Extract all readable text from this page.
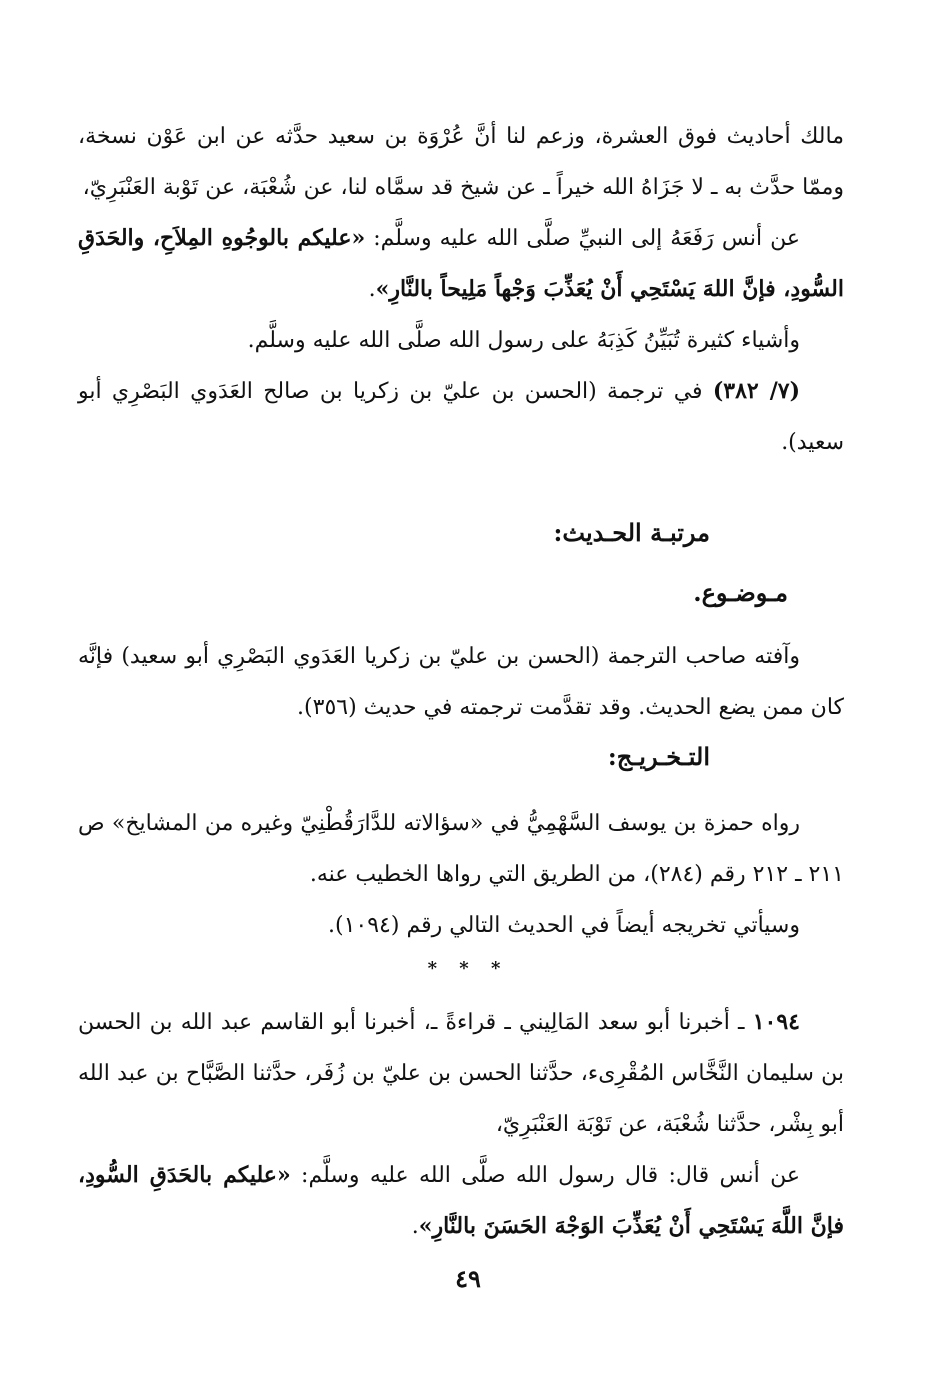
مالك أحاديث فوق العشرة، وزعم لنا أنَّ عُرْوَة بن سعيد حدَّثه عن ابن عَوْن نسخة، وممّا حدَّث به ـ لا جَزَاهُ الله خيراً ـ عن شيخ قد سمَّاه لنا، عن شُعْبَة، عن تَوْبة العَنْبَرِيّ،

عن أنس رَفَعَهُ إلى النبيِّ صلَّى الله عليه وسلَّم: «عليكم بالوجُوهِ المِلاَحِ، والحَدَقِ السُّودِ، فإنَّ اللهَ يَسْتَحِي أَنْ يُعَذِّبَ وَجْهاً مَلِيحاً بالنَّارِ».

وأشياء كثيرة تُبَيِّنُ كَذِبَهُ على رسول الله صلَّى الله عليه وسلَّم.

(٧/ ٣٨٢) في ترجمة (الحسن بن عليّ بن زكريا بن صالح العَدَوي البَصْرِي أبو سعيد).

مرتبـة الحـديث:
مـوضـوع.

وآفته صاحب الترجمة (الحسن بن عليّ بن زكريا العَدَوي البَصْرِي أبو سعيد) فإنَّه كان ممن يضع الحديث. وقد تقدَّمت ترجمته في حديث (٣٥٦).

التـخـريـج:

رواه حمزة بن يوسف السَّهْمِيُّ في «سؤالاته للدَّارَقُطْنِيّ وغيره من المشايخ» ص ٢١١ ـ ٢١٢ رقم (٢٨٤)، من الطريق التي رواها الخطيب عنه.

وسيأتي تخريجه أيضاً في الحديث التالي رقم (١٠٩٤).

* * *

١٠٩٤ ـ أخبرنا أبو سعد المَالِيني ـ قراءةً ـ، أخبرنا أبو القاسم عبد الله بن الحسن بن سليمان النَّخَّاس المُقْرِىء، حدَّثنا الحسن بن عليّ بن زُفَر، حدَّثنا الصَّبَّاح بن عبد الله أبو بِشْر، حدَّثنا شُعْبَة، عن تَوْبَة العَنْبَرِيّ،

عن أنس قال: قال رسول الله صلَّى الله عليه وسلَّم: «عليكم بالحَدَقِ السُّودِ، فإنَّ اللَّهَ يَسْتَحِي أَنْ يُعَذِّبَ الوَجْهَ الحَسَنَ بالنَّارِ».

٤٩
